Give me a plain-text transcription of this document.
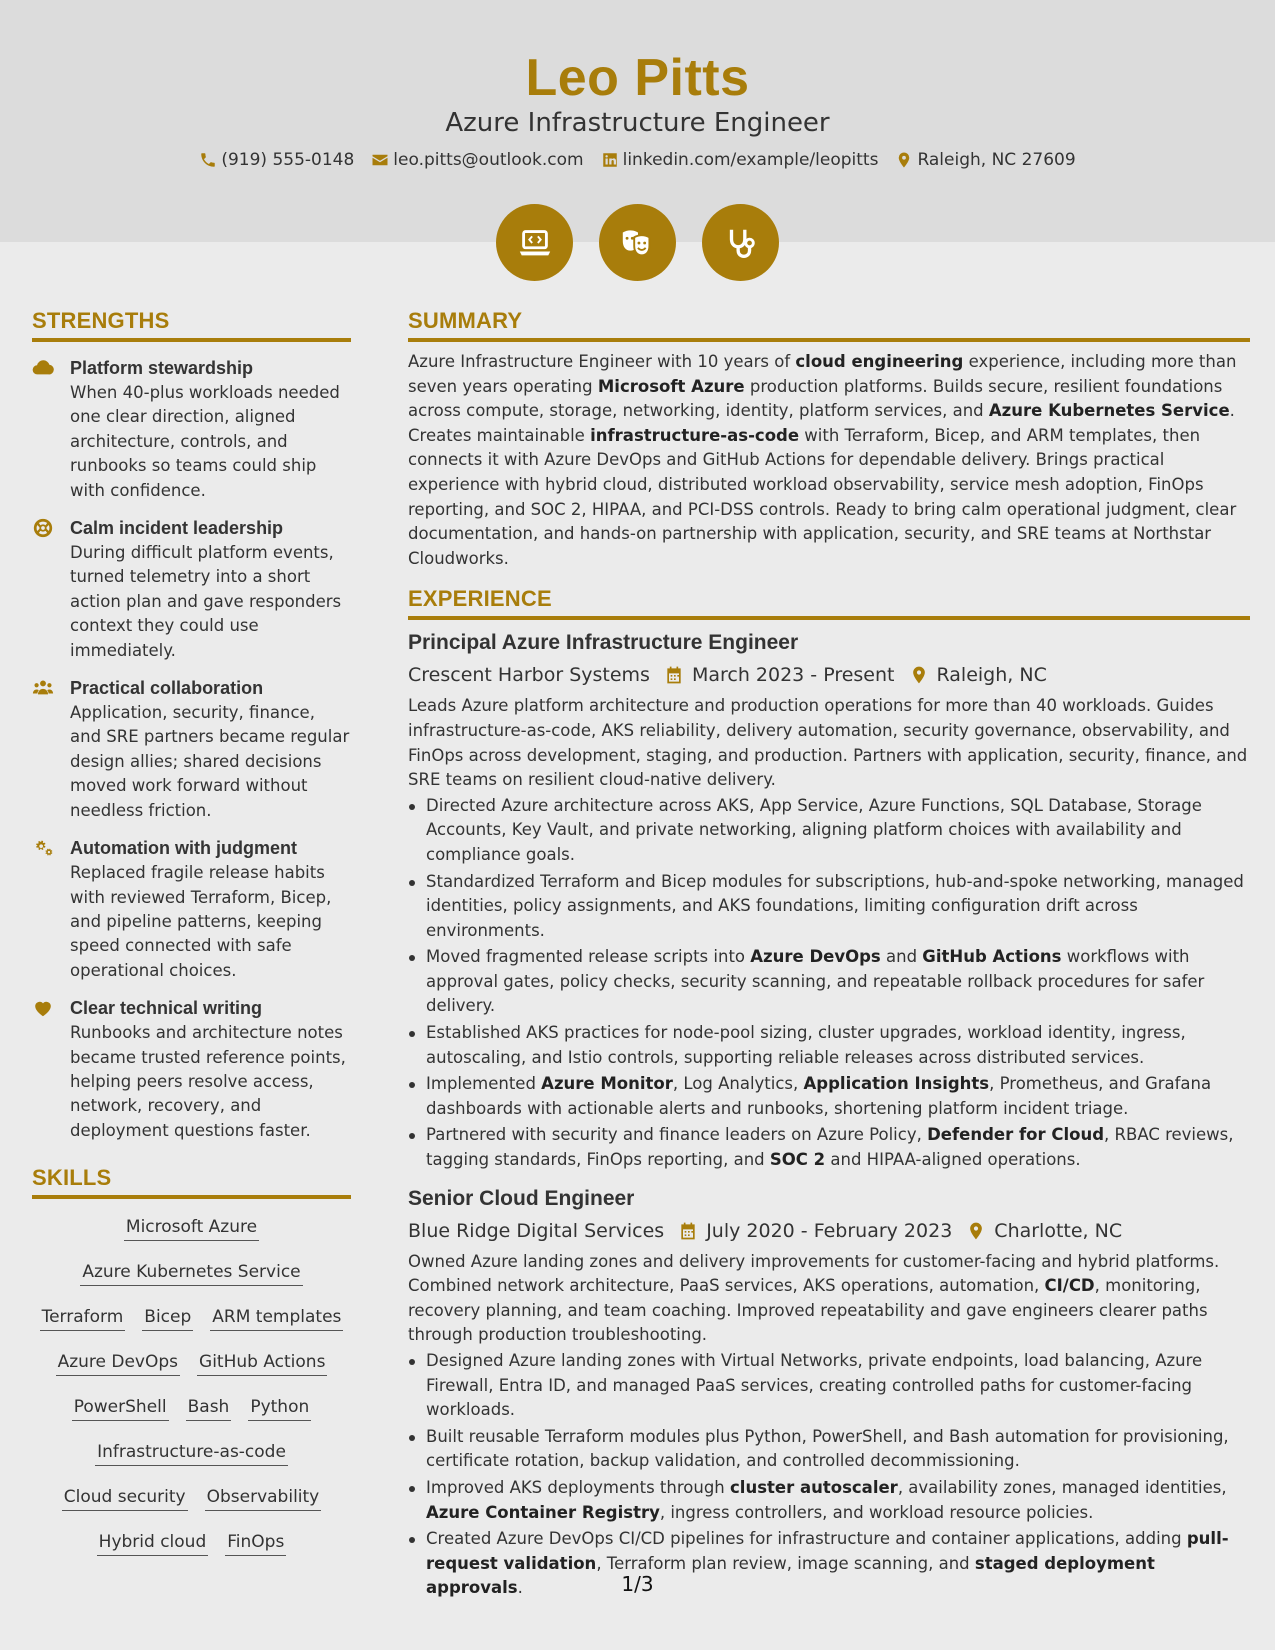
Leo Pitts
Azure Infrastructure Engineer
(919) 555-0148 leo.pitts@outlook.com linkedin.com/example/leopitts Raleigh, NC 27609
STRENGTHS
Platform stewardship
When 40-plus workloads needed one clear direction, aligned architecture, controls, and runbooks so teams could ship with confidence.
Calm incident leadership
During difficult platform events, turned telemetry into a short action plan and gave responders context they could use immediately.
Practical collaboration
Application, security, finance, and SRE partners became regular design allies; shared decisions moved work forward without needless friction.
Automation with judgment
Replaced fragile release habits with reviewed Terraform, Bicep, and pipeline patterns, keeping speed connected with safe operational choices.
Clear technical writing
Runbooks and architecture notes became trusted reference points, helping peers resolve access, network, recovery, and deployment questions faster.
SKILLS
Microsoft Azure
Azure Kubernetes Service
Terraform Bicep ARM templates
Azure DevOps GitHub Actions
PowerShell Bash Python
Infrastructure-as-code
Cloud security Observability
Hybrid cloud FinOps
SUMMARY

Azure Infrastructure Engineer with 10 years of cloud engineering experience, including more than seven years operating Microsoft Azure production platforms. Builds secure, resilient foundations across compute, storage, networking, identity, platform services, and Azure Kubernetes Service. Creates maintainable infrastructure-as-code with Terraform, Bicep, and ARM templates, then connects it with Azure DevOps and GitHub Actions for dependable delivery. Brings practical experience with hybrid cloud, distributed workload observability, service mesh adoption, FinOps reporting, and SOC 2, HIPAA, and PCI-DSS controls. Ready to bring calm operational judgment, clear documentation, and hands-on partnership with application, security, and SRE teams at Northstar Cloudworks.

EXPERIENCE
Principal Azure Infrastructure Engineer
Crescent Harbor Systems March 2023 - Present Raleigh, NC

Leads Azure platform architecture and production operations for more than 40 workloads. Guides infrastructure-as-code, AKS reliability, delivery automation, security governance, observability, and FinOps across development, staging, and production. Partners with application, security, finance, and SRE teams on resilient cloud-native delivery.

Directed Azure architecture across AKS, App Service, Azure Functions, SQL Database, Storage Accounts, Key Vault, and private networking, aligning platform choices with availability and compliance goals.
Standardized Terraform and Bicep modules for subscriptions, hub-and-spoke networking, managed identities, policy assignments, and AKS foundations, limiting configuration drift across environments.
Moved fragmented release scripts into Azure DevOps and GitHub Actions workflows with approval gates, policy checks, security scanning, and repeatable rollback procedures for safer delivery.
Established AKS practices for node-pool sizing, cluster upgrades, workload identity, ingress, autoscaling, and Istio controls, supporting reliable releases across distributed services.
Implemented Azure Monitor, Log Analytics, Application Insights, Prometheus, and Grafana dashboards with actionable alerts and runbooks, shortening platform incident triage.
Partnered with security and finance leaders on Azure Policy, Defender for Cloud, RBAC reviews, tagging standards, FinOps reporting, and SOC 2 and HIPAA-aligned operations.
Senior Cloud Engineer
Blue Ridge Digital Services July 2020 - February 2023 Charlotte, NC

Owned Azure landing zones and delivery improvements for customer-facing and hybrid platforms. Combined network architecture, PaaS services, AKS operations, automation, CI/CD, monitoring, recovery planning, and team coaching. Improved repeatability and gave engineers clearer paths through production troubleshooting.

Designed Azure landing zones with Virtual Networks, private endpoints, load balancing, Azure Firewall, Entra ID, and managed PaaS services, creating controlled paths for customer-facing workloads.
Built reusable Terraform modules plus Python, PowerShell, and Bash automation for provisioning, certificate rotation, backup validation, and controlled decommissioning.
Improved AKS deployments through cluster autoscaler, availability zones, managed identities, Azure Container Registry, ingress controllers, and workload resource policies.
Created Azure DevOps CI/CD pipelines for infrastructure and container applications, adding pull-request validation, Terraform plan review, image scanning, and staged deployment approvals.	1/3
